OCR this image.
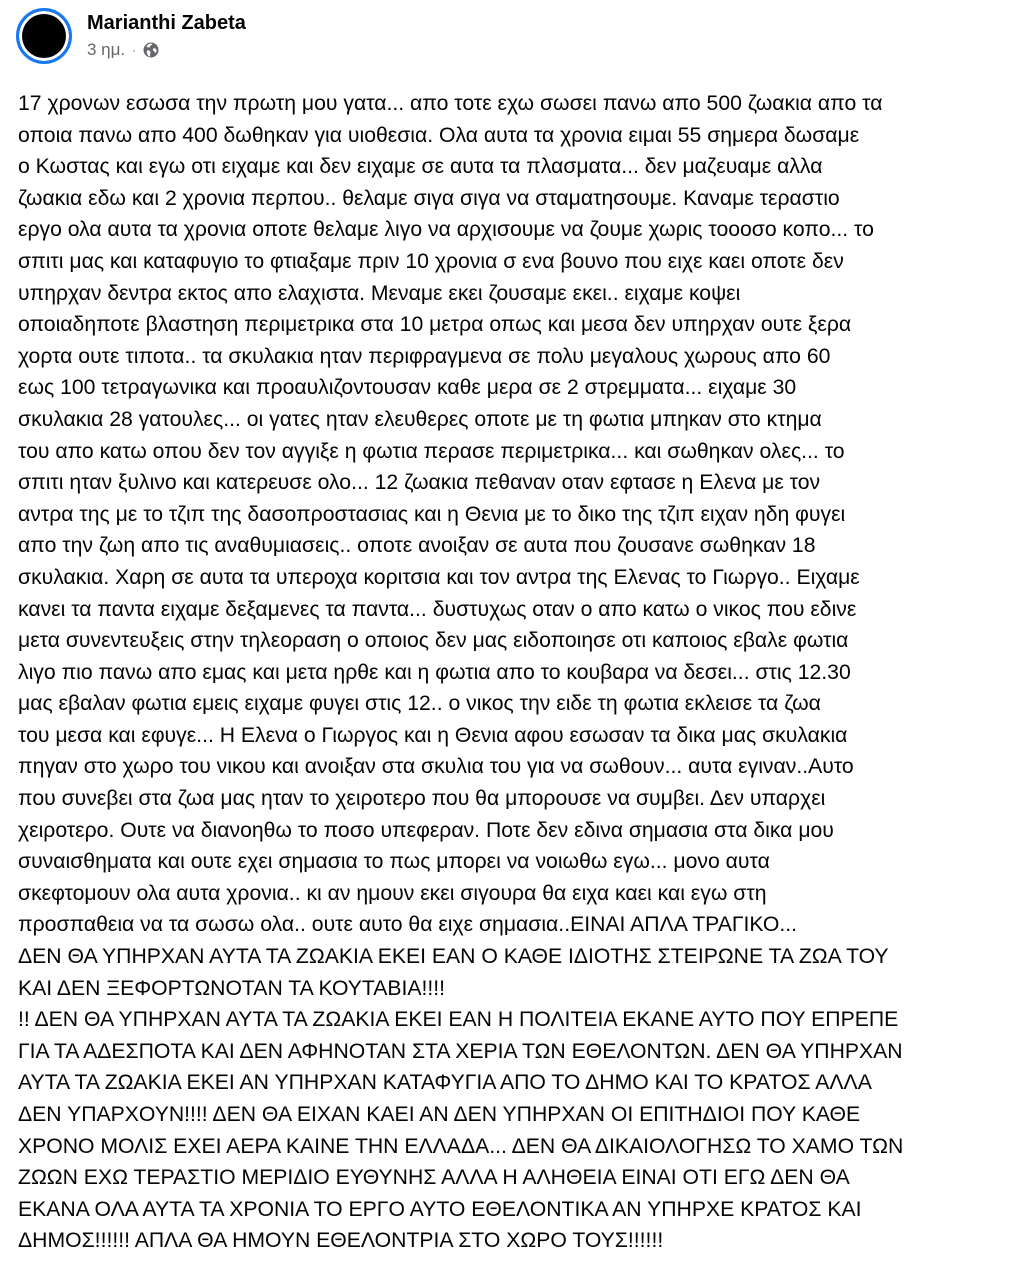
Marianthi Zabeta
3 ημ. ·
17 χρονων εσωσα την πρωτη μου γατα... απο τοτε εχω σωσει πανω απο 500 ζωακια απο τα
οποια πανω απο 400 δωθηκαν για υιοθεσια. Ολα αυτα τα χρονια ειμαι 55 σημερα δωσαμε
ο Κωστας και εγω οτι ειχαμε και δεν ειχαμε σε αυτα τα πλασματα... δεν μαζευαμε αλλα
ζωακια εδω και 2 χρονια περπου.. θελαμε σιγα σιγα να σταματησουμε. Καναμε τεραστιο
εργο ολα αυτα τα χρονια οποτε θελαμε λιγο να αρχισουμε να ζουμε χωρις τοοοσο κοπο... το
σπιτι μας και καταφυγιο το φτιαξαμε πριν 10 χρονια σ ενα βουνο που ειχε καει οποτε δεν
υπηρχαν δεντρα εκτος απο ελαχιστα. Μεναμε εκει ζουσαμε εκει.. ειχαμε κοψει
οποιαδηποτε βλαστηση περιμετρικα στα 10 μετρα οπως και μεσα δεν υπηρχαν ουτε ξερα
χορτα ουτε τιποτα.. τα σκυλακια ηταν περιφραγμενα σε πολυ μεγαλους χωρους απο 60
εως 100 τετραγωνικα και προαυλιζοντουσαν καθε μερα σε 2 στρεμματα... ειχαμε 30
σκυλακια 28 γατουλες... οι γατες ηταν ελευθερες οποτε με τη φωτια μπηκαν στο κτημα
του απο κατω οπου δεν τον αγγιξε η φωτια περασε περιμετρικα... και σωθηκαν ολες... το
σπιτι ηταν ξυλινο και κατερευσε ολο... 12 ζωακια πεθαναν οταν εφτασε η Ελενα με τον
αντρα της με το τζιπ της δασοπροστασιας και η Θενια με το δικο της τζιπ ειχαν ηδη φυγει
απο την ζωη απο τις αναθυμιασεις.. οποτε ανοιξαν σε αυτα που ζουσανε σωθηκαν 18
σκυλακια. Χαρη σε αυτα τα υπεροχα κοριτσια και τον αντρα της Ελενας το Γιωργο.. Ειχαμε
κανει τα παντα ειχαμε δεξαμενες τα παντα... δυστυχως οταν ο απο κατω ο νικος που εδινε
μετα συνεντευξεις στην τηλεοραση ο οποιος δεν μας ειδοποιησε οτι καποιος εβαλε φωτια
λιγο πιο πανω απο εμας και μετα ηρθε και η φωτια απο το κουβαρα να δεσει... στις 12.30
μας εβαλαν φωτια εμεις ειχαμε φυγει στις 12.. ο νικος την ειδε τη φωτια εκλεισε τα ζωα
του μεσα και εφυγε... Η Ελενα ο Γιωργος και η Θενια αφου εσωσαν τα δικα μας σκυλακια
πηγαν στο χωρο του νικου και ανοιξαν στα σκυλια του για να σωθουν... αυτα εγιναν..Αυτο
που συνεβει στα ζωα μας ηταν το χειροτερο που θα μπορουσε να συμβει. Δεν υπαρχει
χειροτερο. Ουτε να διανοηθω το ποσο υπεφεραν. Ποτε δεν εδινα σημασια στα δικα μου
συναισθηματα και ουτε εχει σημασια το πως μπορει να νοιωθω εγω... μονο αυτα
σκεφτομουν ολα αυτα χρονια.. κι αν ημουν εκει σιγουρα θα ειχα καει και εγω στη
προσπαθεια να τα σωσω ολα.. ουτε αυτο θα ειχε σημασια..ΕΙΝΑΙ ΑΠΛΑ ΤΡΑΓΙΚΟ...
ΔΕΝ ΘΑ ΥΠΗΡΧΑΝ ΑΥΤΑ ΤΑ ΖΩΑΚΙΑ ΕΚΕΙ ΕΑΝ Ο ΚΑΘΕ ΙΔΙΟΤΗΣ ΣΤΕΙΡΩΝΕ ΤΑ ΖΩΑ ΤΟΥ
ΚΑΙ ΔΕΝ ΞΕΦΟΡΤΩΝΟΤΑΝ ΤΑ ΚΟΥΤΑΒΙΑ!!!!
!! ΔΕΝ ΘΑ ΥΠΗΡΧΑΝ ΑΥΤΑ ΤΑ ΖΩΑΚΙΑ ΕΚΕΙ ΕΑΝ Η ΠΟΛΙΤΕΙΑ ΕΚΑΝΕ ΑΥΤΟ ΠΟΥ ΕΠΡΕΠΕ
ΓΙΑ ΤΑ ΑΔΕΣΠΟΤΑ ΚΑΙ ΔΕΝ ΑΦΗΝΟΤΑΝ ΣΤΑ ΧΕΡΙΑ ΤΩΝ ΕΘΕΛΟΝΤΩΝ. ΔΕΝ ΘΑ ΥΠΗΡΧΑΝ
ΑΥΤΑ ΤΑ ΖΩΑΚΙΑ ΕΚΕΙ ΑΝ ΥΠΗΡΧΑΝ ΚΑΤΑΦΥΓΙΑ ΑΠΟ ΤΟ ΔΗΜΟ ΚΑΙ ΤΟ ΚΡΑΤΟΣ ΑΛΛΑ
ΔΕΝ ΥΠΑΡΧΟΥΝ!!!! ΔΕΝ ΘΑ ΕΙΧΑΝ ΚΑΕΙ ΑΝ ΔΕΝ ΥΠΗΡΧΑΝ ΟΙ ΕΠΙΤΗΔΙΟΙ ΠΟΥ ΚΑΘΕ
ΧΡΟΝΟ ΜΟΛΙΣ ΕΧΕΙ ΑΕΡΑ ΚΑΙΝΕ ΤΗΝ ΕΛΛΑΔΑ... ΔΕΝ ΘΑ ΔΙΚΑΙΟΛΟΓΗΣΩ ΤΟ ΧΑΜΟ ΤΩΝ
ΖΩΩΝ ΕΧΩ ΤΕΡΑΣΤΙΟ ΜΕΡΙΔΙΟ ΕΥΘΥΝΗΣ ΑΛΛΑ Η ΑΛΗΘΕΙΑ ΕΙΝΑΙ ΟΤΙ ΕΓΩ ΔΕΝ ΘΑ
ΕΚΑΝΑ ΟΛΑ ΑΥΤΑ ΤΑ ΧΡΟΝΙΑ ΤΟ ΕΡΓΟ ΑΥΤΟ ΕΘΕΛΟΝΤΙΚΑ ΑΝ ΥΠΗΡΧΕ ΚΡΑΤΟΣ ΚΑΙ
ΔΗΜΟΣ!!!!!! ΑΠΛΑ ΘΑ ΗΜΟΥΝ ΕΘΕΛΟΝΤΡΙΑ ΣΤΟ ΧΩΡΟ ΤΟΥΣ!!!!!!
